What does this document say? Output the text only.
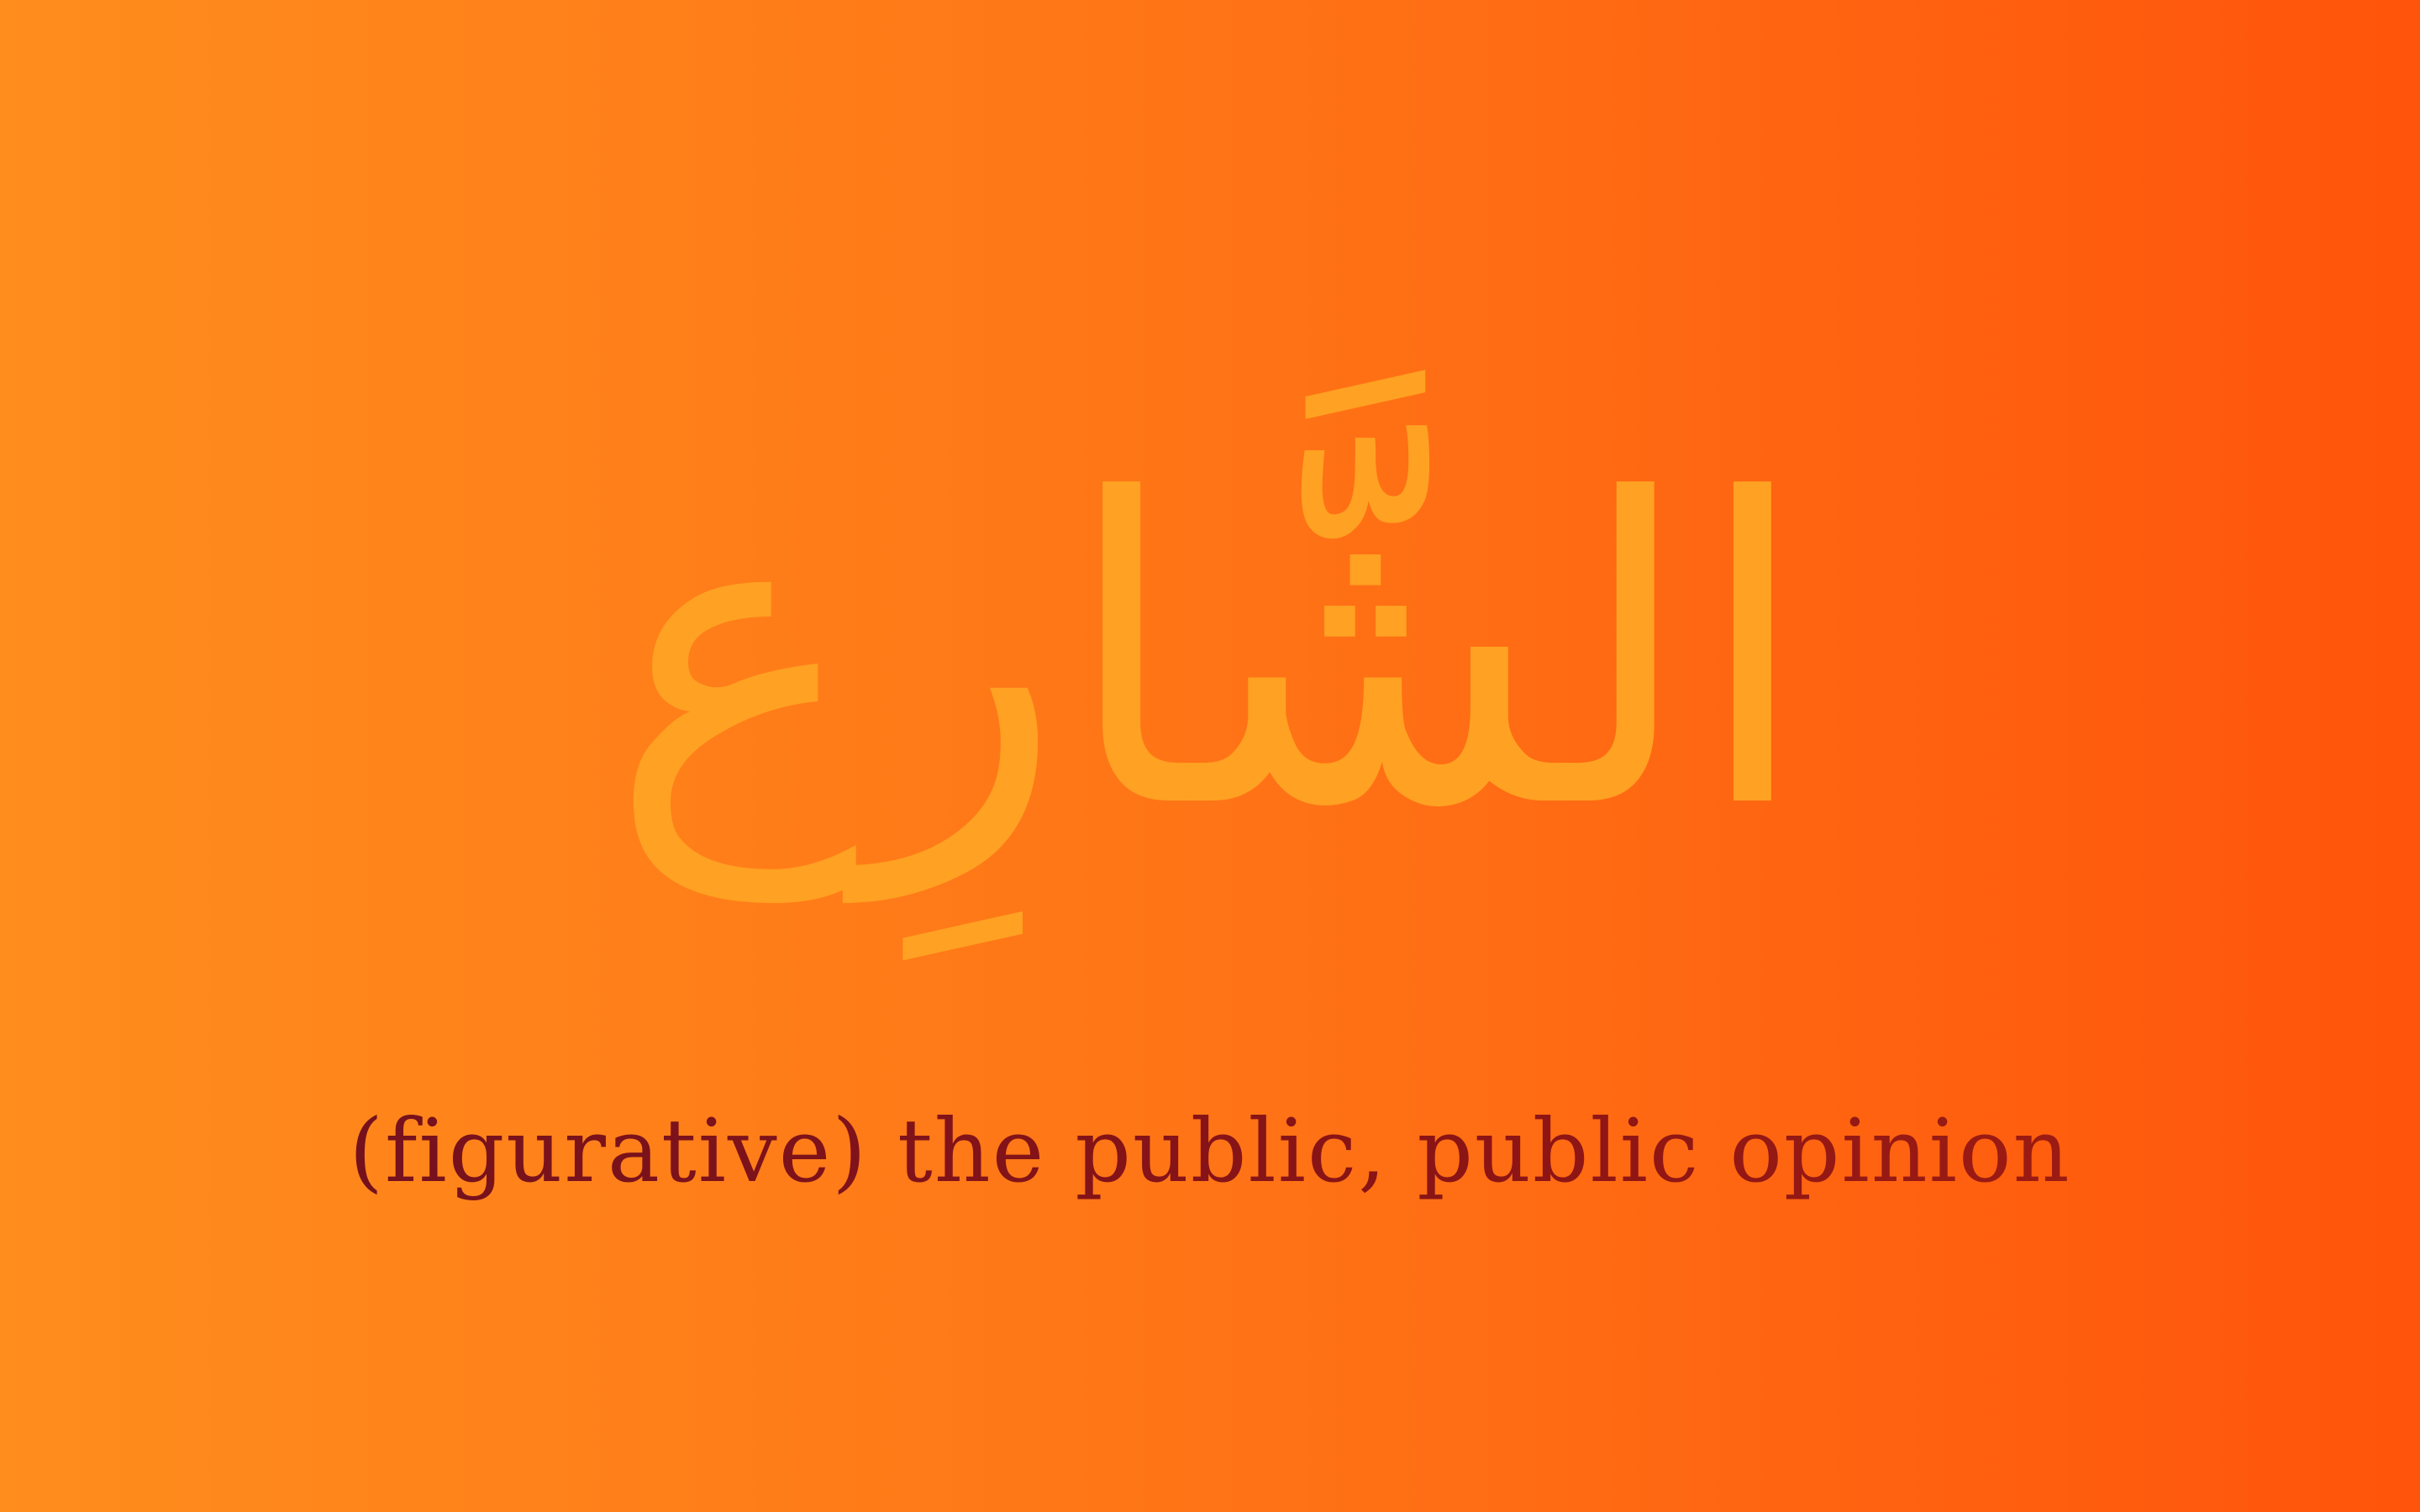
الشَّارِع
(figurative) the public, public opinion
